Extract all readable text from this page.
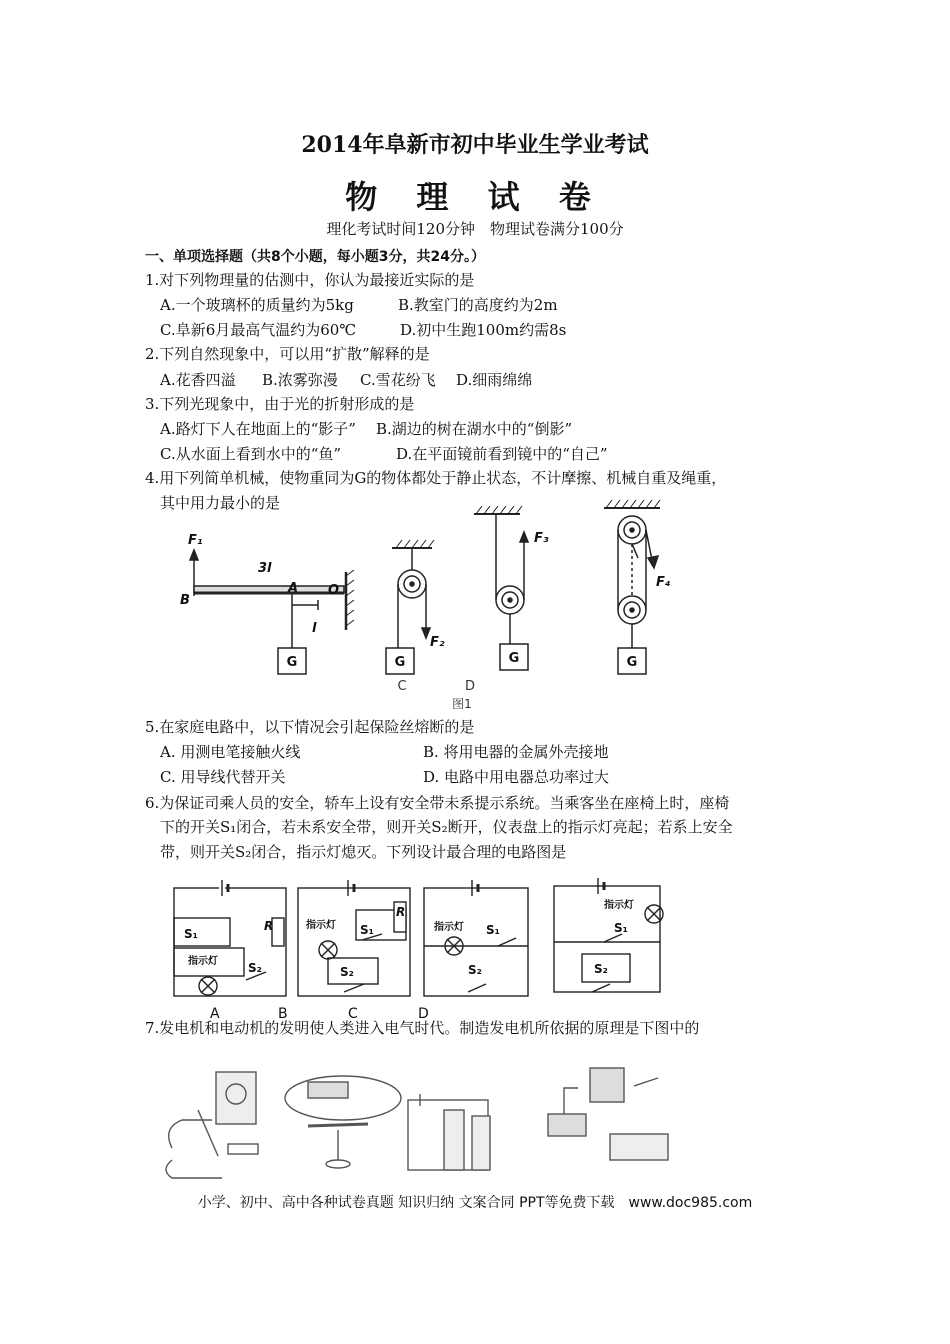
2014年阜新市初中毕业生学业考试
物 理 试 卷
理化考试时间120分钟　物理试卷满分100分
一、单项选择题（共8个小题，每小题3分，共24分。）
1.对下列物理量的估测中，你认为最接近实际的是
A.一个玻璃杯的质量约为5kg	B.教室门的高度约为2m
C.阜新6月最高气温约为60℃	D.初中生跑100m约需8s
2.下列自然现象中，可以用“扩散”解释的是
A.花香四溢 B.浓雾弥漫 C.雪花纷飞 D.细雨绵绵
3.下列光现象中，由于光的折射形成的是
A.路灯下人在地面上的“影子” B.湖边的树在湖水中的“倒影”
C.从水面上看到水中的“鱼”	D.在平面镜前看到镜中的“自己”
4.用下列简单机械，使物重同为G的物体都处于静止状态，不计摩擦、机械自重及绳重，
其中用力最小的是
F₁
3l
A O
B
l
F₂
F₃
F₄
G	G	G	G
C	D
图1
5.在家庭电路中，以下情况会引起保险丝熔断的是
A. 用测电笔接触火线	B. 将用电器的金属外壳接地
C. 用导线代替开关	D. 电路中用电器总功率过大
6.为保证司乘人员的安全，轿车上设有安全带未系提示系统。当乘客坐在座椅上时，座椅
下的开关S₁闭合，若未系安全带，则开关S₂断开，仪表盘上的指示灯亮起；若系上安全
带，则开关S₂闭合，指示灯熄灭。下列设计最合理的电路图是
S₁
指示灯	S₂
R	指示灯 S₁
R
S₂
指示灯 S₁
S₂
指示灯
S₁
S₂
A	B	C	D
7.发电机和电动机的发明使人类进入电气时代。制造发电机所依据的原理是下图中的
小学、初中、高中各种试卷真题 知识归纳 文案合同 PPT等免费下载　www.doc985.com
